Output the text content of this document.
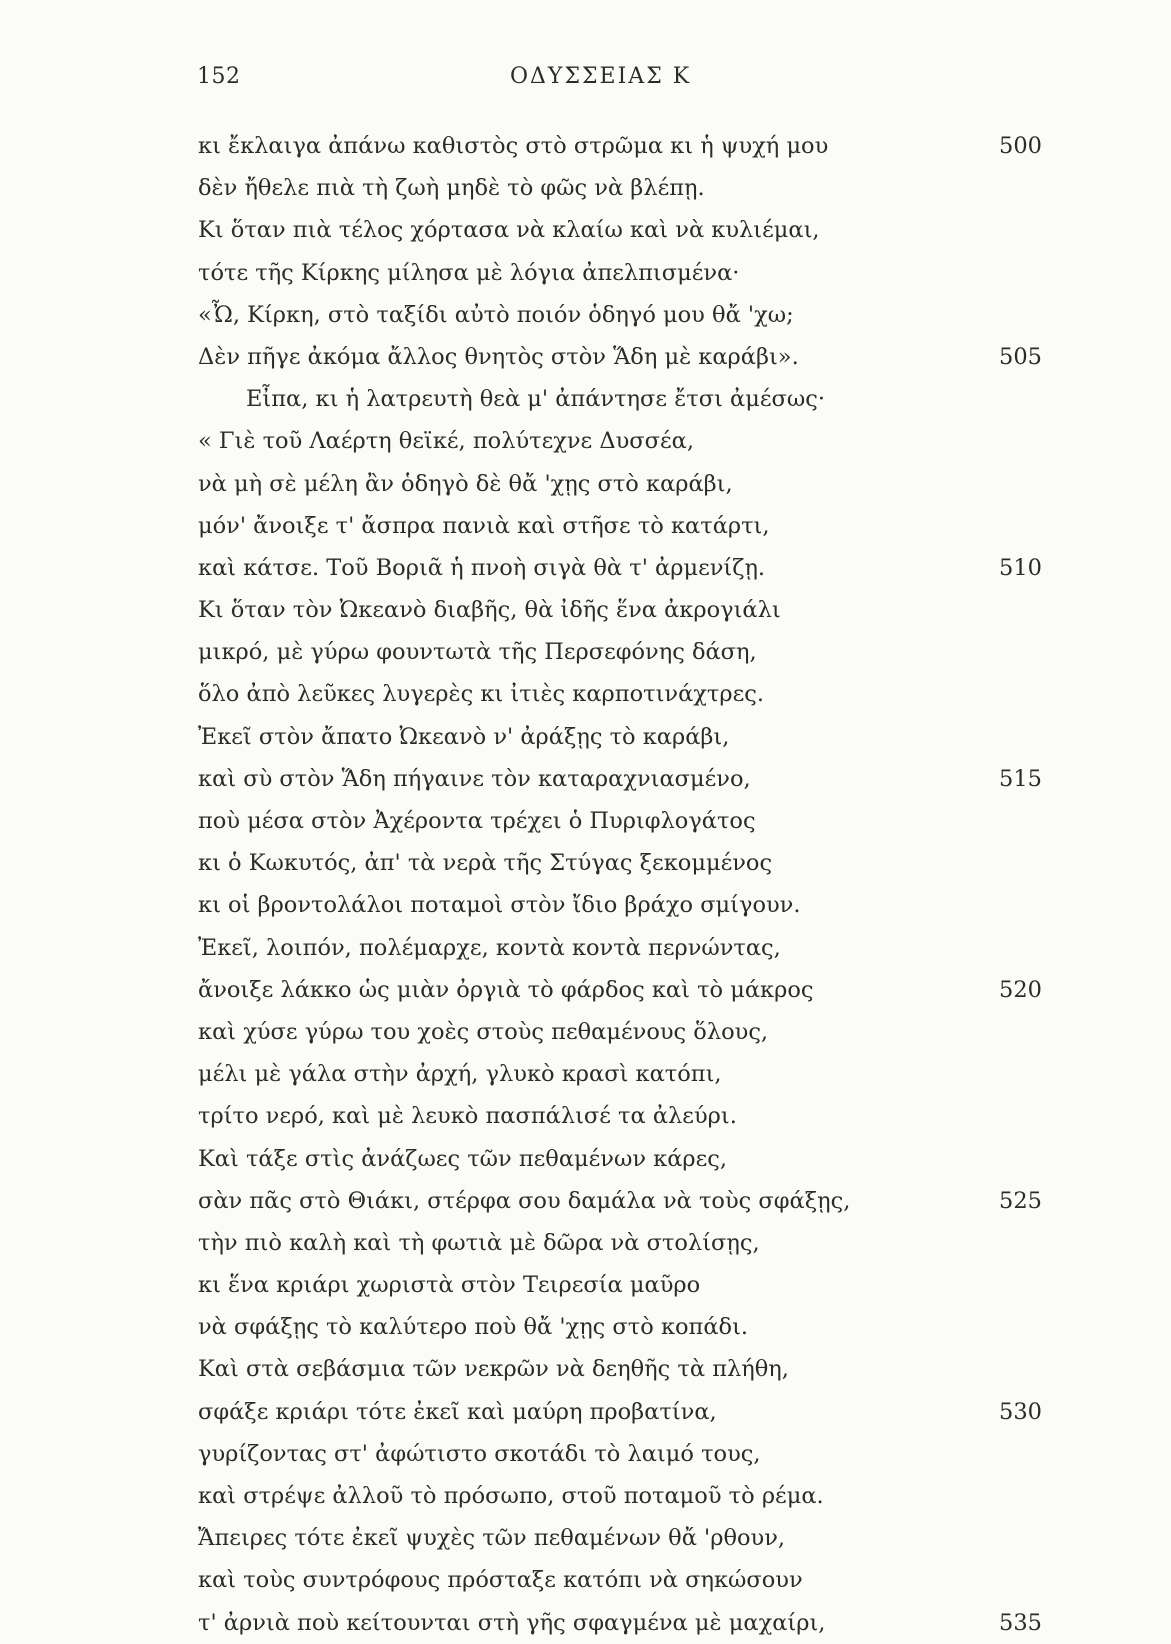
152	ΟΔΥΣΣΕΙΑΣ Κ
κι ἔκλαιγα ἀπάνω καθιστὸς στὸ στρῶμα κι ἡ ψυχή μου	500
δὲν ἤθελε πιὰ τὴ ζωὴ μηδὲ τὸ φῶς νὰ βλέπῃ.
Κι ὅταν πιὰ τέλος χόρτασα νὰ κλαίω καὶ νὰ κυλιέμαι,
τότε τῆς Κίρκης μίλησα μὲ λόγια ἀπελπισμένα·
«Ὦ, Κίρκη, στὸ ταξίδι αὐτὸ ποιόν ὁδηγό μου θἄ 'χω;
Δὲν πῆγε ἀκόμα ἄλλος θνητὸς στὸν Ἅδη μὲ καράβι».	505
Εἶπα, κι ἡ λατρευτὴ θεὰ μ' ἀπάντησε ἔτσι ἀμέσως·
« Γιὲ τοῦ Λαέρτη θεϊκέ, πολύτεχνε Δυσσέα,
νὰ μὴ σὲ μέλη ἂν ὁδηγὸ δὲ θἄ 'χῃς στὸ καράβι,
μόν' ἄνοιξε τ' ἄσπρα πανιὰ καὶ στῆσε τὸ κατάρτι,
καὶ κάτσε. Τοῦ Βοριᾶ ἡ πνοὴ σιγὰ θὰ τ' ἀρμενίζῃ.	510
Κι ὅταν τὸν Ὠκεανὸ διαβῆς, θὰ ἰδῆς ἕνα ἀκρογιάλι
μικρό, μὲ γύρω φουντωτὰ τῆς Περσεφόνης δάση,
ὅλο ἀπὸ λεῦκες λυγερὲς κι ἰτιὲς καρποτινάχτρες.
Ἐκεῖ στὸν ἄπατο Ὠκεανὸ ν' ἀράξῃς τὸ καράβι,
καὶ σὺ στὸν Ἅδη πήγαινε τὸν καταραχνιασμένο,	515
ποὺ μέσα στὸν Ἀχέροντα τρέχει ὁ Πυριφλογάτος
κι ὁ Κωκυτός, ἀπ' τὰ νερὰ τῆς Στύγας ξεκομμένος
κι οἱ βροντολάλοι ποταμοὶ στὸν ἴδιο βράχο σμίγουν.
Ἐκεῖ, λοιπόν, πολέμαρχε, κοντὰ κοντὰ περνώντας,
ἄνοιξε λάκκο ὡς μιὰν ὀργιὰ τὸ φάρδος καὶ τὸ μάκρος	520
καὶ χύσε γύρω του χοὲς στοὺς πεθαμένους ὅλους,
μέλι μὲ γάλα στὴν ἀρχή, γλυκὸ κρασὶ κατόπι,
τρίτο νερό, καὶ μὲ λευκὸ πασπάλισέ τα ἀλεύρι.
Καὶ τάξε στὶς ἀνάζωες τῶν πεθαμένων κάρες,
σὰν πᾶς στὸ Θιάκι, στέρφα σου δαμάλα νὰ τοὺς σφάξῃς,	525
τὴν πιὸ καλὴ καὶ τὴ φωτιὰ μὲ δῶρα νὰ στολίσῃς,
κι ἕνα κριάρι χωριστὰ στὸν Τειρεσία μαῦρο
νὰ σφάξῃς τὸ καλύτερο ποὺ θἄ 'χῃς στὸ κοπάδι.
Καὶ στὰ σεβάσμια τῶν νεκρῶν νὰ δεηθῆς τὰ πλήθη,
σφάξε κριάρι τότε ἐκεῖ καὶ μαύρη προβατίνα,	530
γυρίζοντας στ' ἀφώτιστο σκοτάδι τὸ λαιμό τους,
καὶ στρέψε ἀλλοῦ τὸ πρόσωπο, στοῦ ποταμοῦ τὸ ρέμα.
Ἄπειρες τότε ἐκεῖ ψυχὲς τῶν πεθαμένων θἄ 'ρθουν,
καὶ τοὺς συντρόφους πρόσταξε κατόπι νὰ σηκώσουν
τ' ἀρνιὰ ποὺ κείτουνται στὴ γῆς σφαγμένα μὲ μαχαίρι,	535
